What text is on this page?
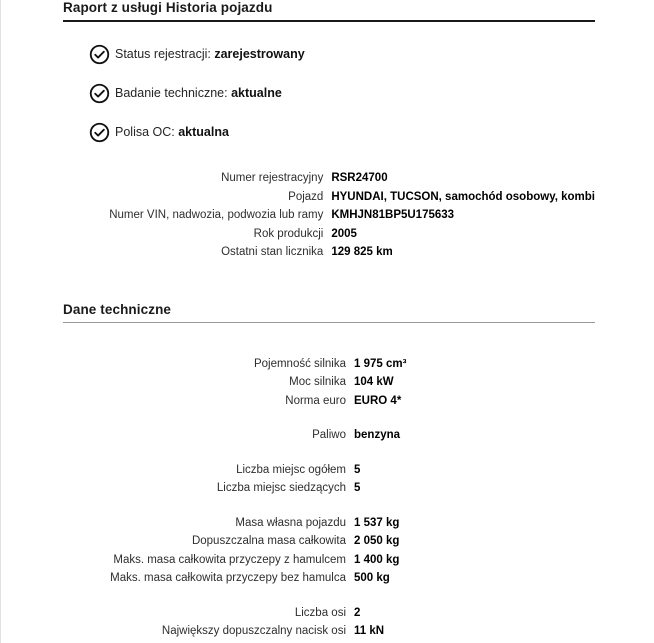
Raport z usługi Historia pojazdu
Status rejestracji: zarejestrowany
Badanie techniczne: aktualne
Polisa OC: aktualna
Numer rejestracyjny	RSR24700
Pojazd	HYUNDAI, TUCSON, samochód osobowy, kombi
Numer VIN, nadwozia, podwozia lub ramy	KMHJN81BP5U175633
Rok produkcji	2005
Ostatni stan licznika	129 825 km
Dane techniczne
Pojemność silnika	1 975 cm³
Moc silnika	104 kW
Norma euro	EURO 4*

Paliwo	benzyna

Liczba miejsc ogółem	5
Liczba miejsc siedzących	5

Masa własna pojazdu	1 537 kg
Dopuszczalna masa całkowita	2 050 kg
Maks. masa całkowita przyczepy z hamulcem	1 400 kg
Maks. masa całkowita przyczepy bez hamulca	500 kg

Liczba osi	2
Największy dopuszczalny nacisk osi	11 kN
